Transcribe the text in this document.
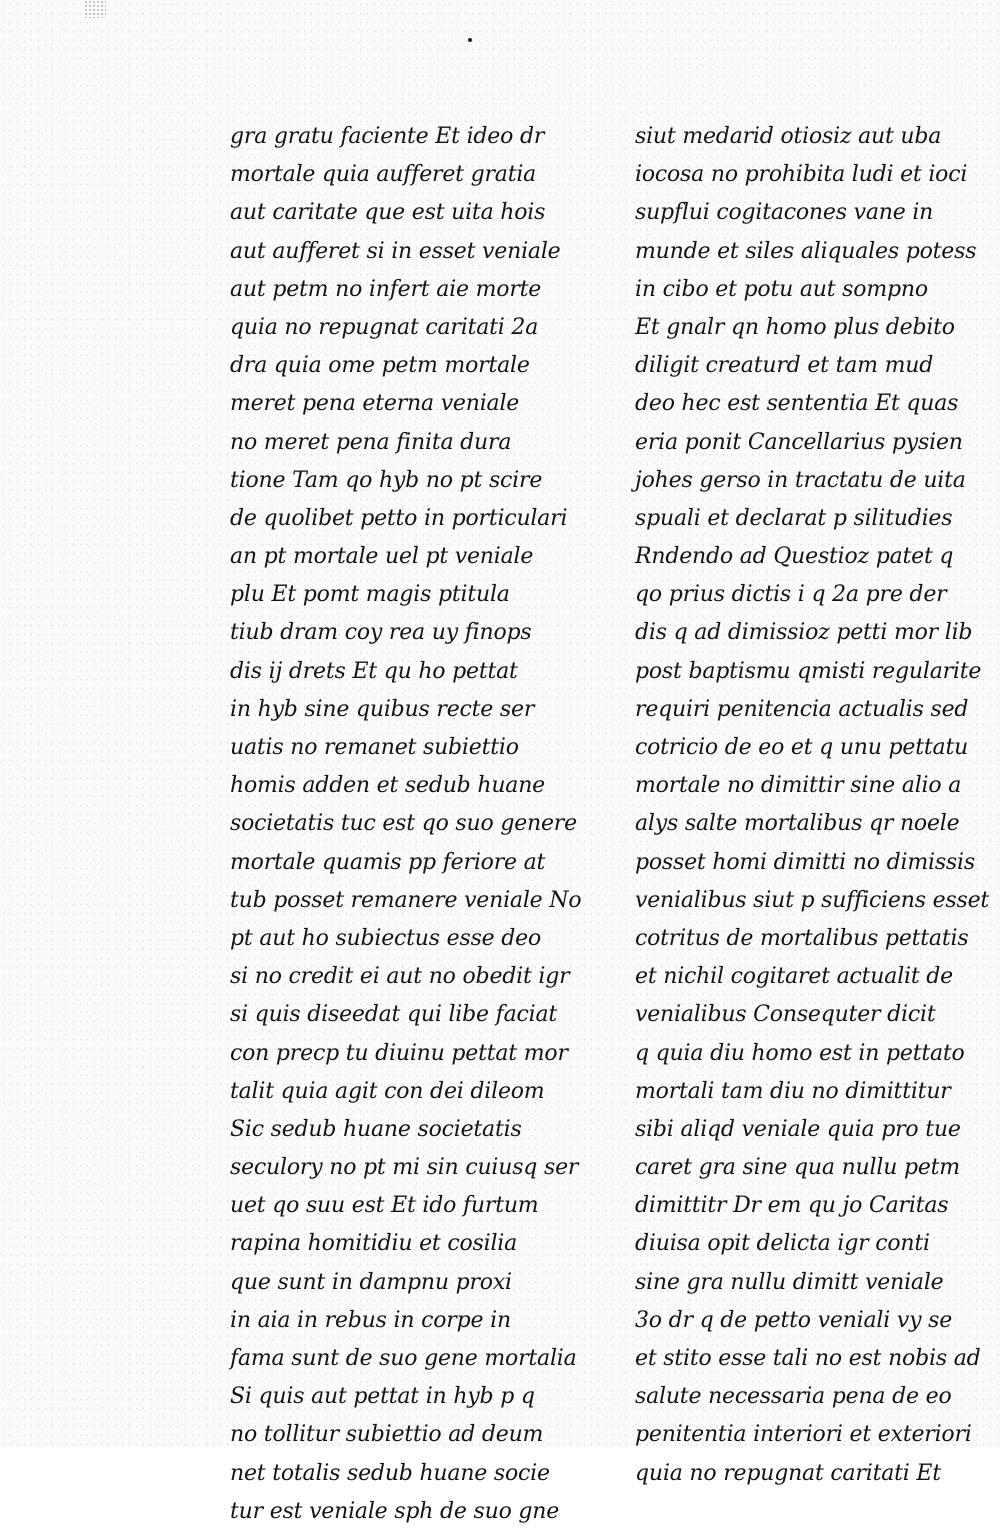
gra gratu faciente Et ideo dr
mortale quia aufferet gratia
aut caritate que est uita hois
aut aufferet si in esset veniale
aut petm no infert aie morte
quia no repugnat caritati 2a
dra quia ome petm mortale
meret pena eterna veniale
no meret pena finita dura
tione Tam qo hyb no pt scire
de quolibet petto in porticulari
an pt mortale uel pt veniale
plu Et pomt magis ptitula
tiub dram coy rea uy finops
dis ij drets Et qu ho pettat
in hyb sine quibus recte ser
uatis no remanet subiettio
homis adden et sedub huane
societatis tuc est qo suo genere
mortale quamis pp feriore at
tub posset remanere veniale No
pt aut ho subiectus esse deo
si no credit ei aut no obedit igr
si quis diseedat qui libe faciat
con precp tu diuinu pettat mor
talit quia agit con dei dileom
Sic sedub huane societatis
seculory no pt mi sin cuiusq ser
uet qo suu est Et ido furtum
rapina homitidiu et cosilia
que sunt in dampnu proxi
in aia in rebus in corpe in
fama sunt de suo gene mortalia
Si quis aut pettat in hyb p q
no tollitur subiettio ad deum
net totalis sedub huane socie
tur est veniale sph de suo gne
siut medarid otiosiz aut uba
iocosa no prohibita ludi et ioci
supflui cogitacones vane in
munde et siles aliquales potess
in cibo et potu aut sompno
Et gnalr qn homo plus debito
diligit creaturd et tam mud
deo hec est sententia Et quas
eria ponit Cancellarius pysien
johes gerso in tractatu de uita
spuali et declarat p silitudies
Rndendo ad Questioz patet q
qo prius dictis i q 2a pre der
dis q ad dimissioz petti mor lib
post baptismu qmisti regularite
requiri penitencia actualis sed
cotricio de eo et q unu pettatu
mortale no dimittir sine alio a
alys salte mortalibus qr noele
posset homi dimitti no dimissis
venialibus siut p sufficiens esset
cotritus de mortalibus pettatis
et nichil cogitaret actualit de
venialibus Consequter dicit
q quia diu homo est in pettato
mortali tam diu no dimittitur
sibi aliqd veniale quia pro tue
caret gra sine qua nullu petm
dimittitr Dr em qu jo Caritas
diuisa opit delicta igr conti
sine gra nullu dimitt veniale
3o dr q de petto veniali vy se
et stito esse tali no est nobis ad
salute necessaria pena de eo
penitentia interiori et exteriori
quia no repugnat caritati Et
